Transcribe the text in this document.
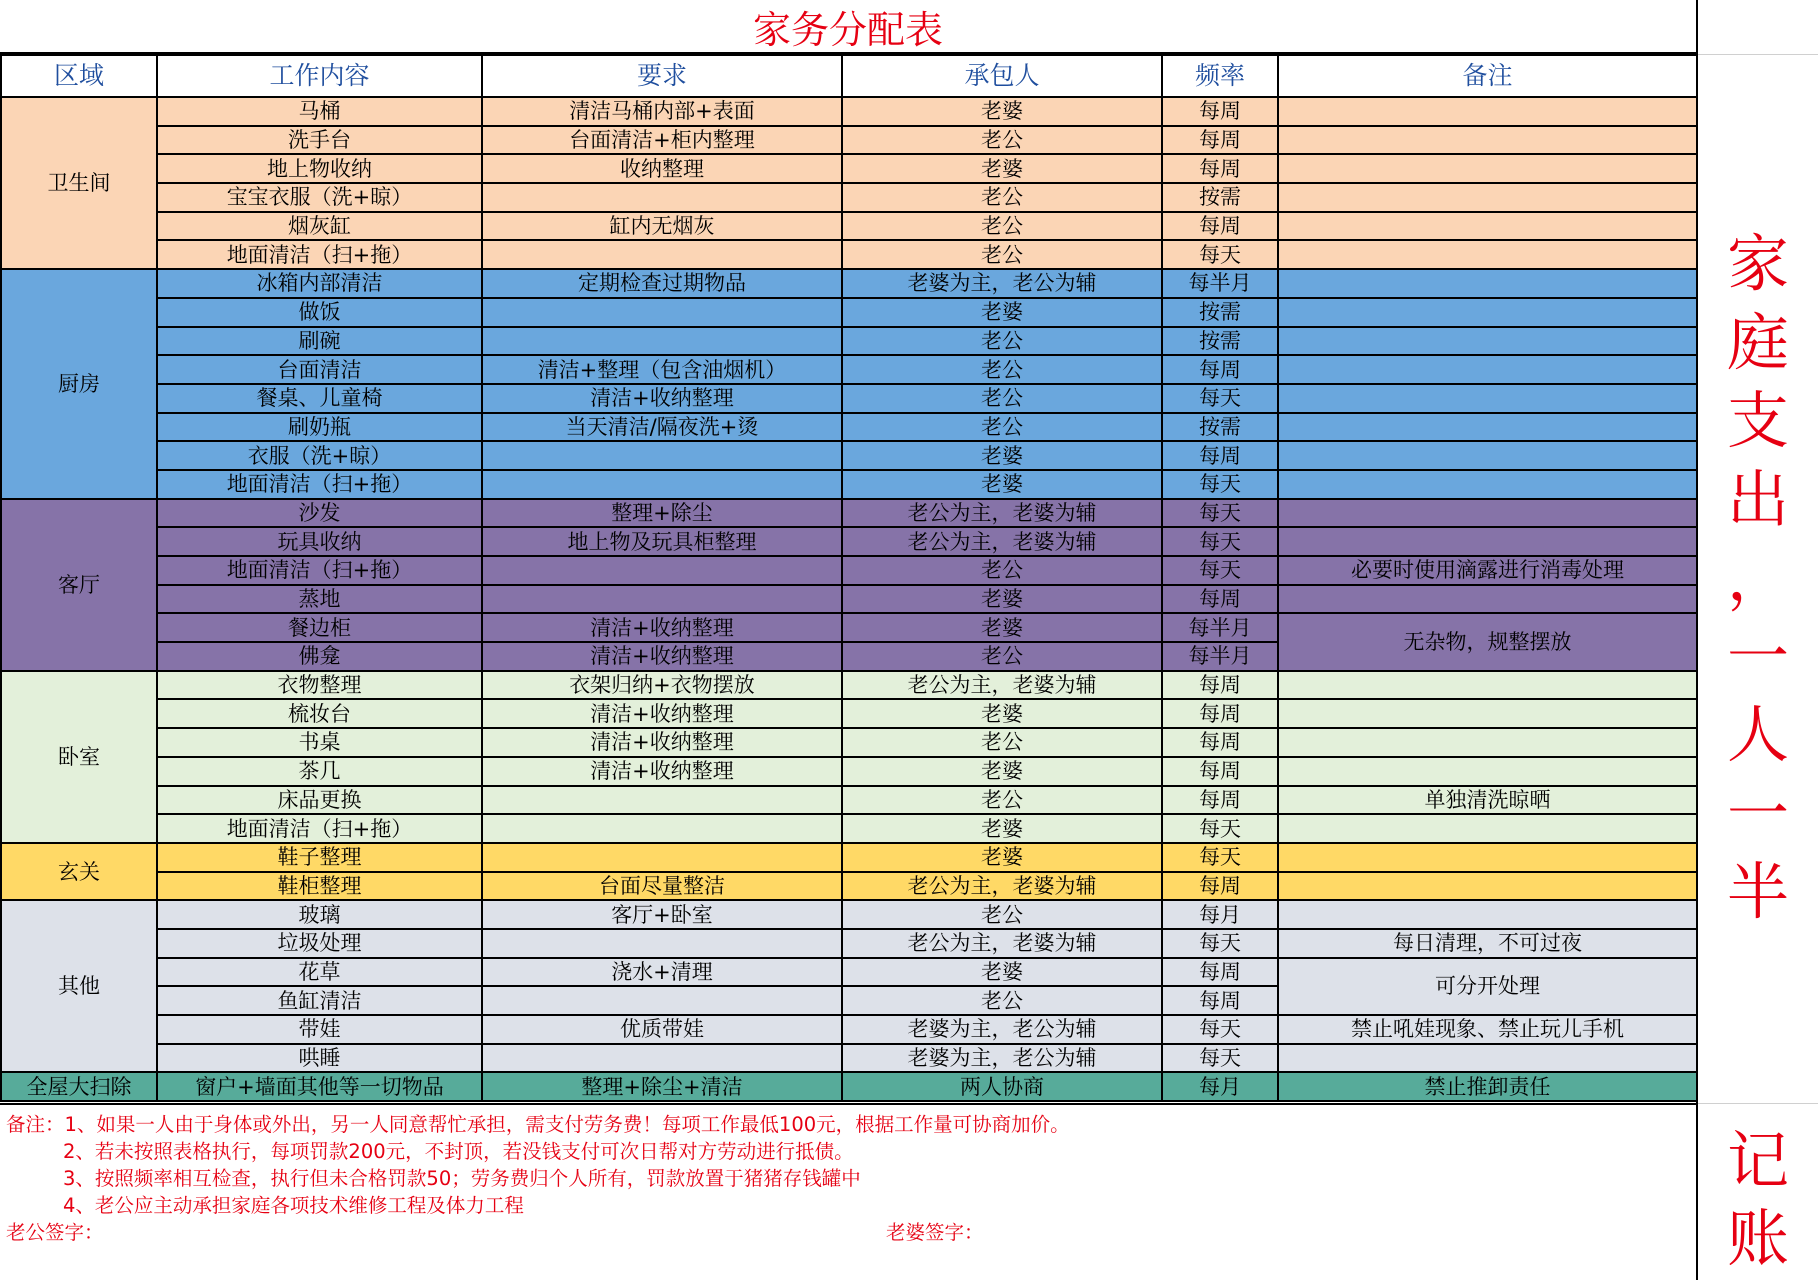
家务分配表
区域	工作内容	要求	承包人	频率	备注
卫生间	马桶	清洁马桶内部+表面	老婆	每周	
	洗手台	台面清洁+柜内整理	老公	每周	
	地上物收纳	收纳整理	老婆	每周	
	宝宝衣服（洗+晾）		老公	按需	
	烟灰缸	缸内无烟灰	老公	每周	
	地面清洁（扫+拖）		老公	每天	
厨房	冰箱内部清洁	定期检查过期物品	老婆为主，老公为辅	每半月	
	做饭		老婆	按需	
	刷碗		老公	按需	
	台面清洁	清洁+整理（包含油烟机）	老公	每周	
	餐桌、儿童椅	清洁+收纳整理	老公	每天	
	刷奶瓶	当天清洁/隔夜洗+烫	老公	按需	
	衣服（洗+晾）		老婆	每周	
	地面清洁（扫+拖）		老婆	每天	
客厅	沙发	整理+除尘	老公为主，老婆为辅	每天	
	玩具收纳	地上物及玩具柜整理	老公为主，老婆为辅	每天	
	地面清洁（扫+拖）		老公	每天	必要时使用滴露进行消毒处理
	蒸地		老婆	每周	
	餐边柜	清洁+收纳整理	老婆	每半月	无杂物，规整摆放
	佛龛	清洁+收纳整理	老公	每半月	
卧室	衣物整理	衣架归纳+衣物摆放	老公为主，老婆为辅	每周	
	梳妆台	清洁+收纳整理	老婆	每周	
	书桌	清洁+收纳整理	老公	每周	
	茶几	清洁+收纳整理	老婆	每周	
	床品更换		老公	每周	单独清洗晾晒
	地面清洁（扫+拖）		老婆	每天	
玄关	鞋子整理		老婆	每天	
	鞋柜整理	台面尽量整洁	老公为主，老婆为辅	每周	
其他	玻璃	客厅+卧室	老公	每月	
	垃圾处理		老公为主，老婆为辅	每天	每日清理，不可过夜
	花草	浇水+清理	老婆	每周	可分开处理
	鱼缸清洁		老公	每周	
	带娃	优质带娃	老婆为主，老公为辅	每天	禁止吼娃现象、禁止玩儿手机
	哄睡		老婆为主，老公为辅	每天	
全屋大扫除	窗户+墙面其他等一切物品	整理+除尘+清洁	两人协商	每月	禁止推卸责任
备注：1、如果一人由于身体或外出，另一人同意帮忙承担，需支付劳务费！每项工作最低100元，根据工作量可协商加价。
2、若未按照表格执行，每项罚款200元，不封顶，若没钱支付可次日帮对方劳动进行抵债。
3、按照频率相互检查，执行但未合格罚款50；劳务费归个人所有，罚款放置于猪猪存钱罐中
4、老公应主动承担家庭各项技术维修工程及体力工程
老公签字：	老婆签字：
家
庭
支
出
，
一
人
一
半
记
账
